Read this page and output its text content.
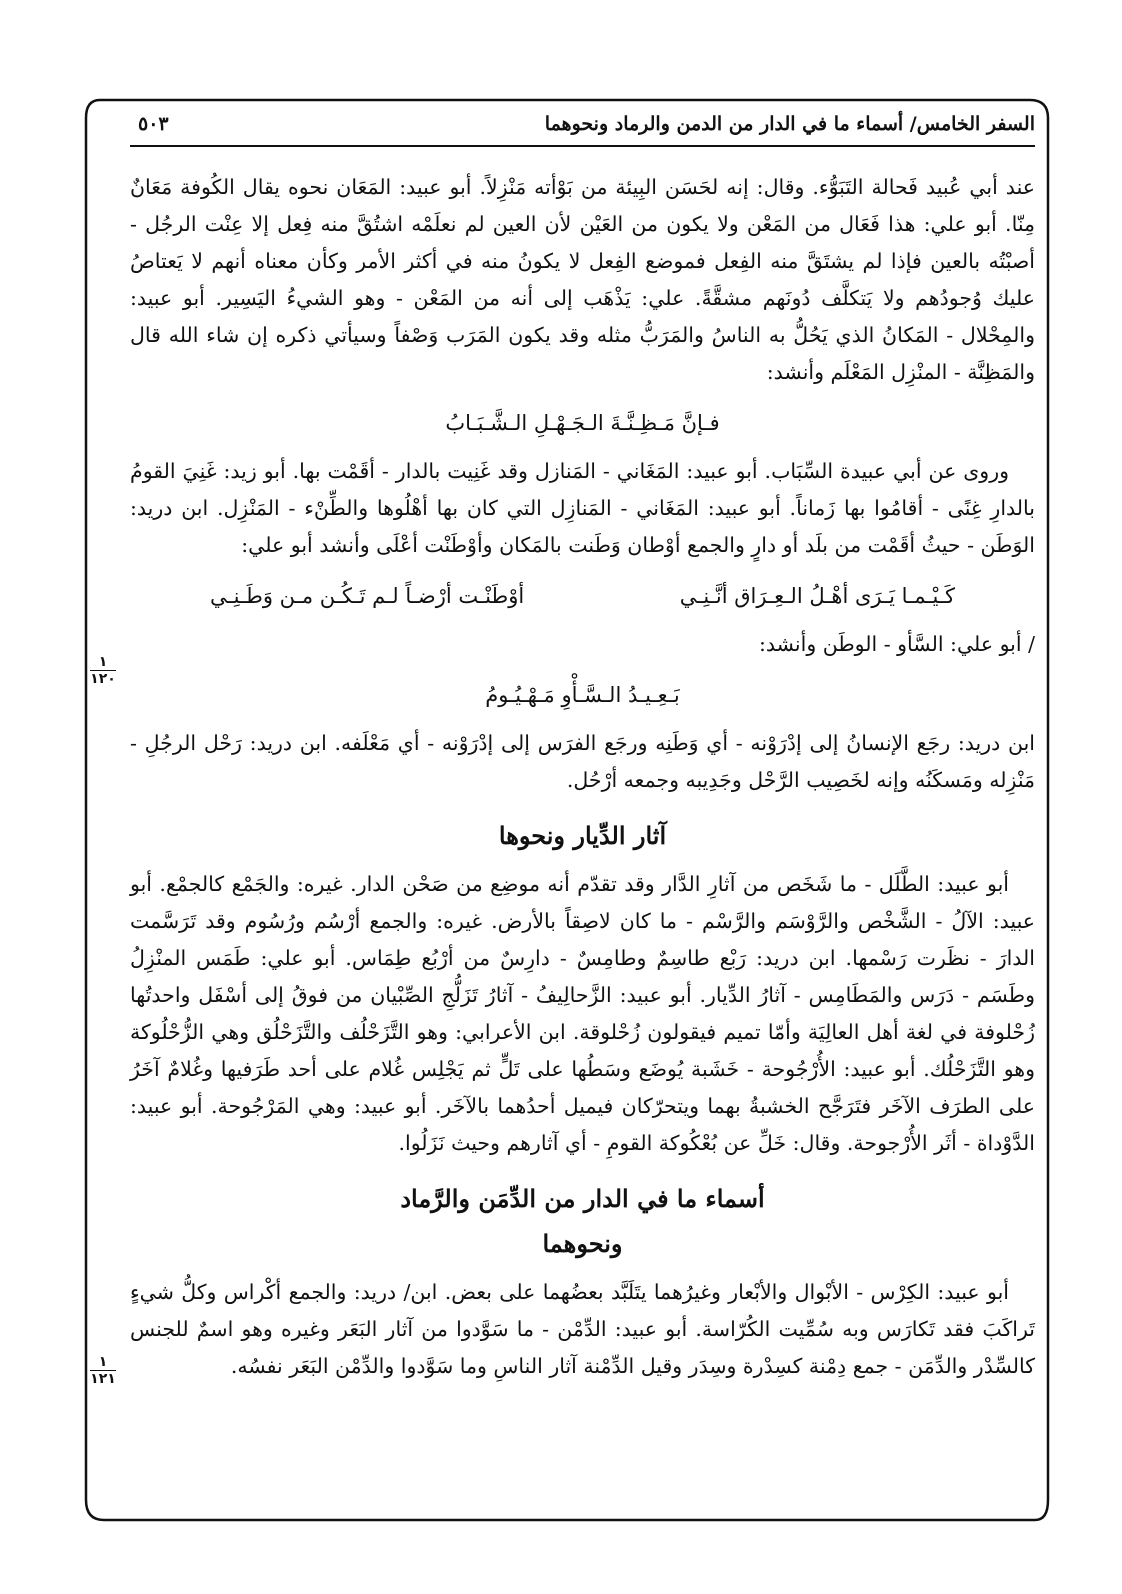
١
١٢٠
١
١٢١
السفر الخامس/ أسماء ما في الدار من الدمن والرماد ونحوهما
٥٠٣

عند أبي عُبيد فَحالة التَبَوُّء. وقال: إنه لحَسَن البِيئة من بَوْأته مَنْزِلاً. أبو عبيد: المَعَان نحوه يقال الكُوفة مَعَانٌ مِنّا. أبو علي: هذا فَعَال من المَعْن ولا يكون من العَيْن لأن العين لم نعلَمْه اشتُقَّ منه فِعل إلا عِنْت الرجُل - أصبْتُه بالعين فإذا لم يشتَقَّ منه الفِعل فموضع الفِعل لا يكونُ منه في أكثر الأمر وكأن معناه أنهم لا يَعتاصُ عليك وُجودُهم ولا يَتكلَّف دُونَهم مشقَّةً. علي: يَذْهَب إلى أنه من المَعْن - وهو الشيءُ اليَسِير. أبو عبيد: والمِحْلال - المَكانُ الذي يَحُلُّ به الناسُ والمَرَبُّ مثله وقد يكون المَرَب وَصْفاً وسيأتي ذكره إن شاء الله قال والمَظِنَّة - المنْزِل المَعْلَم وأنشد:

فـإنَّ مَـظِـنَّـةَ الـجَـهْـلِ الـشَّـبَـابُ

وروى عن أبي عبيدة السِّبَاب. أبو عبيد: المَغَاني - المَنازل وقد غَنِيت بالدار - أقَمْت بها. أبو زيد: غَنِيَ القومُ بالدارِ غِنًى - أقامُوا بها زَماناً. أبو عبيد: المَغَاني - المَنازِل التي كان بها أهْلُوها والطِّنْء - المَنْزِل. ابن دريد: الوَطَن - حيثُ أقَمْت من بلَد أو دارٍ والجمع أوْطان وَطَنت بالمَكان وأوْطَنْت أعْلَى وأنشد أبو علي:

كَـيْـمـا يَـرَى أهْـلُ الـعِـرَاق أنَّـنِـي
أوْطَنْـت أرْضـاً لـم تَـكُـن مـن وَطَـنِـي

/ أبو علي: السَّأو - الوطَن وأنشد:

بَـعِـيـدُ الـسَّـأْوِ مَـهْـيُـومُ

ابن دريد: رجَع الإنسانُ إلى إدْرَوْنه - أي وَطَنِه ورجَع الفرَس إلى إدْرَوْنه - أي مَعْلَفه. ابن دريد: رَحْل الرجُلِ - مَنْزِله ومَسكَنُه وإنه لخَصِيب الرَّحْل وجَدِيبه وجمعه أرْحُل.

آثار الدِّيار ونحوها

أبو عبيد: الطَّلَل - ما شَخَص من آثارِ الدَّار وقد تقدّم أنه موضِع من صَحْن الدار. غيره: والجَمْع كالجمْع. أبو عبيد: الآلُ - الشَّخْص والرَّوْسَم والرَّسْم - ما كان لاصِقاً بالأرض. غيره: والجمع أرْسُم ورُسُوم وقد تَرَسَّمت الدارَ - نظَرت رَسْمها. ابن دريد: رَبْع طاسِمٌ وطامِسٌ - دارِسٌ من أرْبُع طِمَاس. أبو علي: طَمَس المنْزِلُ وطَسَم - دَرَس والمَطَامِس - آثارُ الدِّيار. أبو عبيد: الزَّحالِيفُ - آثارُ تَزَلُّجِ الصِّبْيان من فوقُ إلى أسْفَل واحدتُها زُحْلوفة في لغة أهل العالِيَة وأمّا تميم فيقولون زُحْلوقة. ابن الأعرابي: وهو التَّزَحْلُف والتَّزَحْلُق وهي الزُّحْلُوكة وهو التَّزَحْلُك. أبو عبيد: الأُرْجُوحة - خَشَبة يُوضَع وسَطُها على تَلٍّ ثم يَجْلِس غُلام على أحد طَرَفيها وغُلامٌ آخَرُ على الطرَف الآخَر فتَرَجَّح الخشبةُ بهما ويتحرّكان فيميل أحدُهما بالآخَر. أبو عبيد: وهي المَرْجُوحة. أبو عبيد: الدَّوْداة - أثَر الأُرْجوحة. وقال: خَلِّ عن بُعْكُوكة القومِ - أي آثارهم وحيث نَزَلُوا.

أسماء ما في الدار من الدِّمَن والرَّماد
ونحوهما

أبو عبيد: الكِرْس - الأبْوال والأبْعار وغيرُهما يتَلَبَّد بعضُهما على بعض. ابن/ دريد: والجمع أكْراس وكلُّ شيءٍ تَراكَبَ فقد تَكارَس وبه سُمِّيت الكُرّاسة. أبو عبيد: الدِّمْن - ما سَوَّدوا من آثار البَعَر وغيره وهو اسمٌ للجنس كالسِّدْر والدِّمَن - جمع دِمْنة كسِدْرة وسِدَر وقيل الدِّمْنة آثار الناسِ وما سَوَّدوا والدِّمْن البَعَر نفسُه.
